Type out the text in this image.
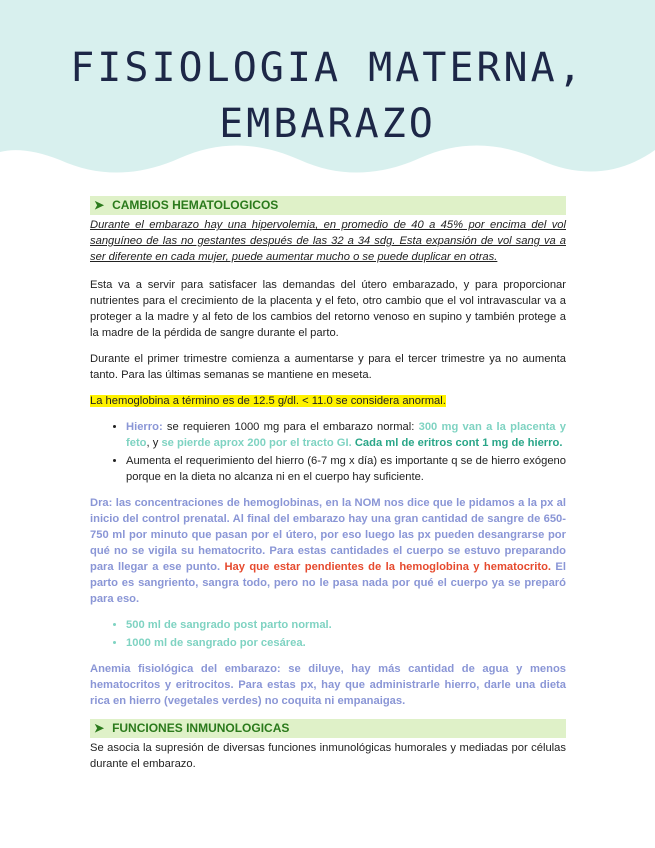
FISIOLOGIA MATERNA,
EMBARAZO
➤ CAMBIOS HEMATOLOGICOS

Durante el embarazo hay una hipervolemia, en promedio de 40 a 45% por encima del vol sanguíneo de las no gestantes después de las 32 a 34 sdg. Esta expansión de vol sang va a ser diferente en cada mujer, puede aumentar mucho o se puede duplicar en otras.

Esta va a servir para satisfacer las demandas del útero embarazado, y para proporcionar nutrientes para el crecimiento de la placenta y el feto, otro cambio que el vol intravascular va a proteger a la madre y al feto de los cambios del retorno venoso en supino y también protege a la madre de la pérdida de sangre durante el parto.

Durante el primer trimestre comienza a aumentarse y para el tercer trimestre ya no aumenta tanto. Para las últimas semanas se mantiene en meseta.

La hemoglobina a término es de 12.5 g/dl. < 11.0 se considera anormal.

• Hierro: se requieren 1000 mg para el embarazo normal: 300 mg van a la placenta y feto, y se pierde aprox 200 por el tracto GI. Cada ml de eritros cont 1 mg de hierro.
• Aumenta el requerimiento del hierro (6-7 mg x día) es importante q se de hierro exógeno porque en la dieta no alcanza ni en el cuerpo hay suficiente.

Dra: las concentraciones de hemoglobinas, en la NOM nos dice que le pidamos a la px al inicio del control prenatal. Al final del embarazo hay una gran cantidad de sangre de 650-750 ml por minuto que pasan por el útero, por eso luego las px pueden desangrarse por qué no se vigila su hematocrito. Para estas cantidades el cuerpo se estuvo preparando para llegar a ese punto. Hay que estar pendientes de la hemoglobina y hematocrito. El parto es sangriento, sangra todo, pero no le pasa nada por qué el cuerpo ya se preparó para eso.

• 500 ml de sangrado post parto normal.
• 1000 ml de sangrado por cesárea.

Anemia fisiológica del embarazo: se diluye, hay más cantidad de agua y menos hematocritos y eritrocitos. Para estas px, hay que administrarle hierro, darle una dieta rica en hierro (vegetales verdes) no coquita ni empanaigas.

➤ FUNCIONES INMUNOLOGICAS

Se asocia la supresión de diversas funciones inmunológicas humorales y mediadas por células durante el embarazo.
